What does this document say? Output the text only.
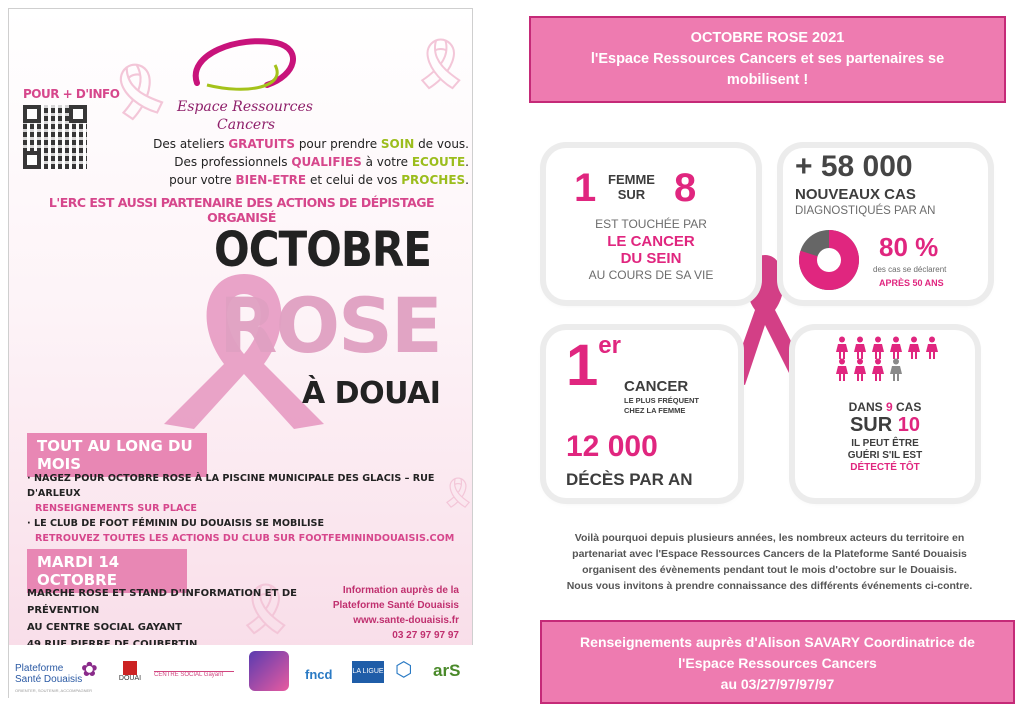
🎗	🎗
🎗
🎗
POUR + D'INFO
Espace Ressources
Cancers
Des ateliers GRATUITS pour prendre SOIN de vous.
Des professionnels QUALIFIES à votre ECOUTE.
pour votre BIEN-ETRE et celui de vos PROCHES.
L'ERC EST AUSSI PARTENAIRE DES ACTIONS DE DÉPISTAGE ORGANISÉ
OCTOBRE
ROSE
À DOUAI
TOUT AU LONG DU MOIS
· NAGEZ POUR OCTOBRE ROSE À LA PISCINE MUNICIPALE DES GLACIS – RUE D'ARLEUX
RENSEIGNEMENTS SUR PLACE
· LE CLUB DE FOOT FÉMININ DU DOUAISIS SE MOBILISE
RETROUVEZ TOUTES LES ACTIONS DU CLUB SUR FOOTFEMININDOUAISIS.COM
MARDI 14 OCTOBRE
MARCHE ROSE ET STAND D'INFORMATION ET DE PRÉVENTION
AU CENTRE SOCIAL GAYANT
Information auprès de la
Plateforme Santé Douaisis
www.sante-douaisis.fr
03 27 97 97 97
Plateforme
Santé Douaisis
ORIENTER, SOUTENIR, ACCOMPAGNER
✿	DOUAI	CENTRE SOCIAL Gayant	fncd	LA LIGUE ⬡ arS
OCTOBRE ROSE 2021
l'Espace Ressources Cancers et ses partenaires se
mobilisent !
1 FEMME
SUR 8
EST TOUCHÉE PAR
LE CANCER
DU SEIN
AU COURS DE SA VIE
+ 58 000
NOUVEAUX CAS
DIAGNOSTIQUÉS PAR AN
80 %
des cas se déclarent
APRÈS 50 ANS
1er
CANCER
LE PLUS FRÉQUENT
CHEZ LA FEMME
12 000
DÉCÈS PAR AN
DANS 9 CAS
SUR 10
IL PEUT ÊTRE
GUÉRI S'IL EST
DÉTECTÉ TÔT
Voilà pourquoi depuis plusieurs années, les nombreux acteurs du territoire en
partenariat avec l'Espace Ressources Cancers de la Plateforme Santé Douaisis
organisent des évènements pendant tout le mois d'octobre sur le Douaisis.
Nous vous invitons à prendre connaissance des différents événements ci-contre.
Renseignements auprès d'Alison SAVARY Coordinatrice de
l'Espace Ressources Cancers
au 03/27/97/97/97
